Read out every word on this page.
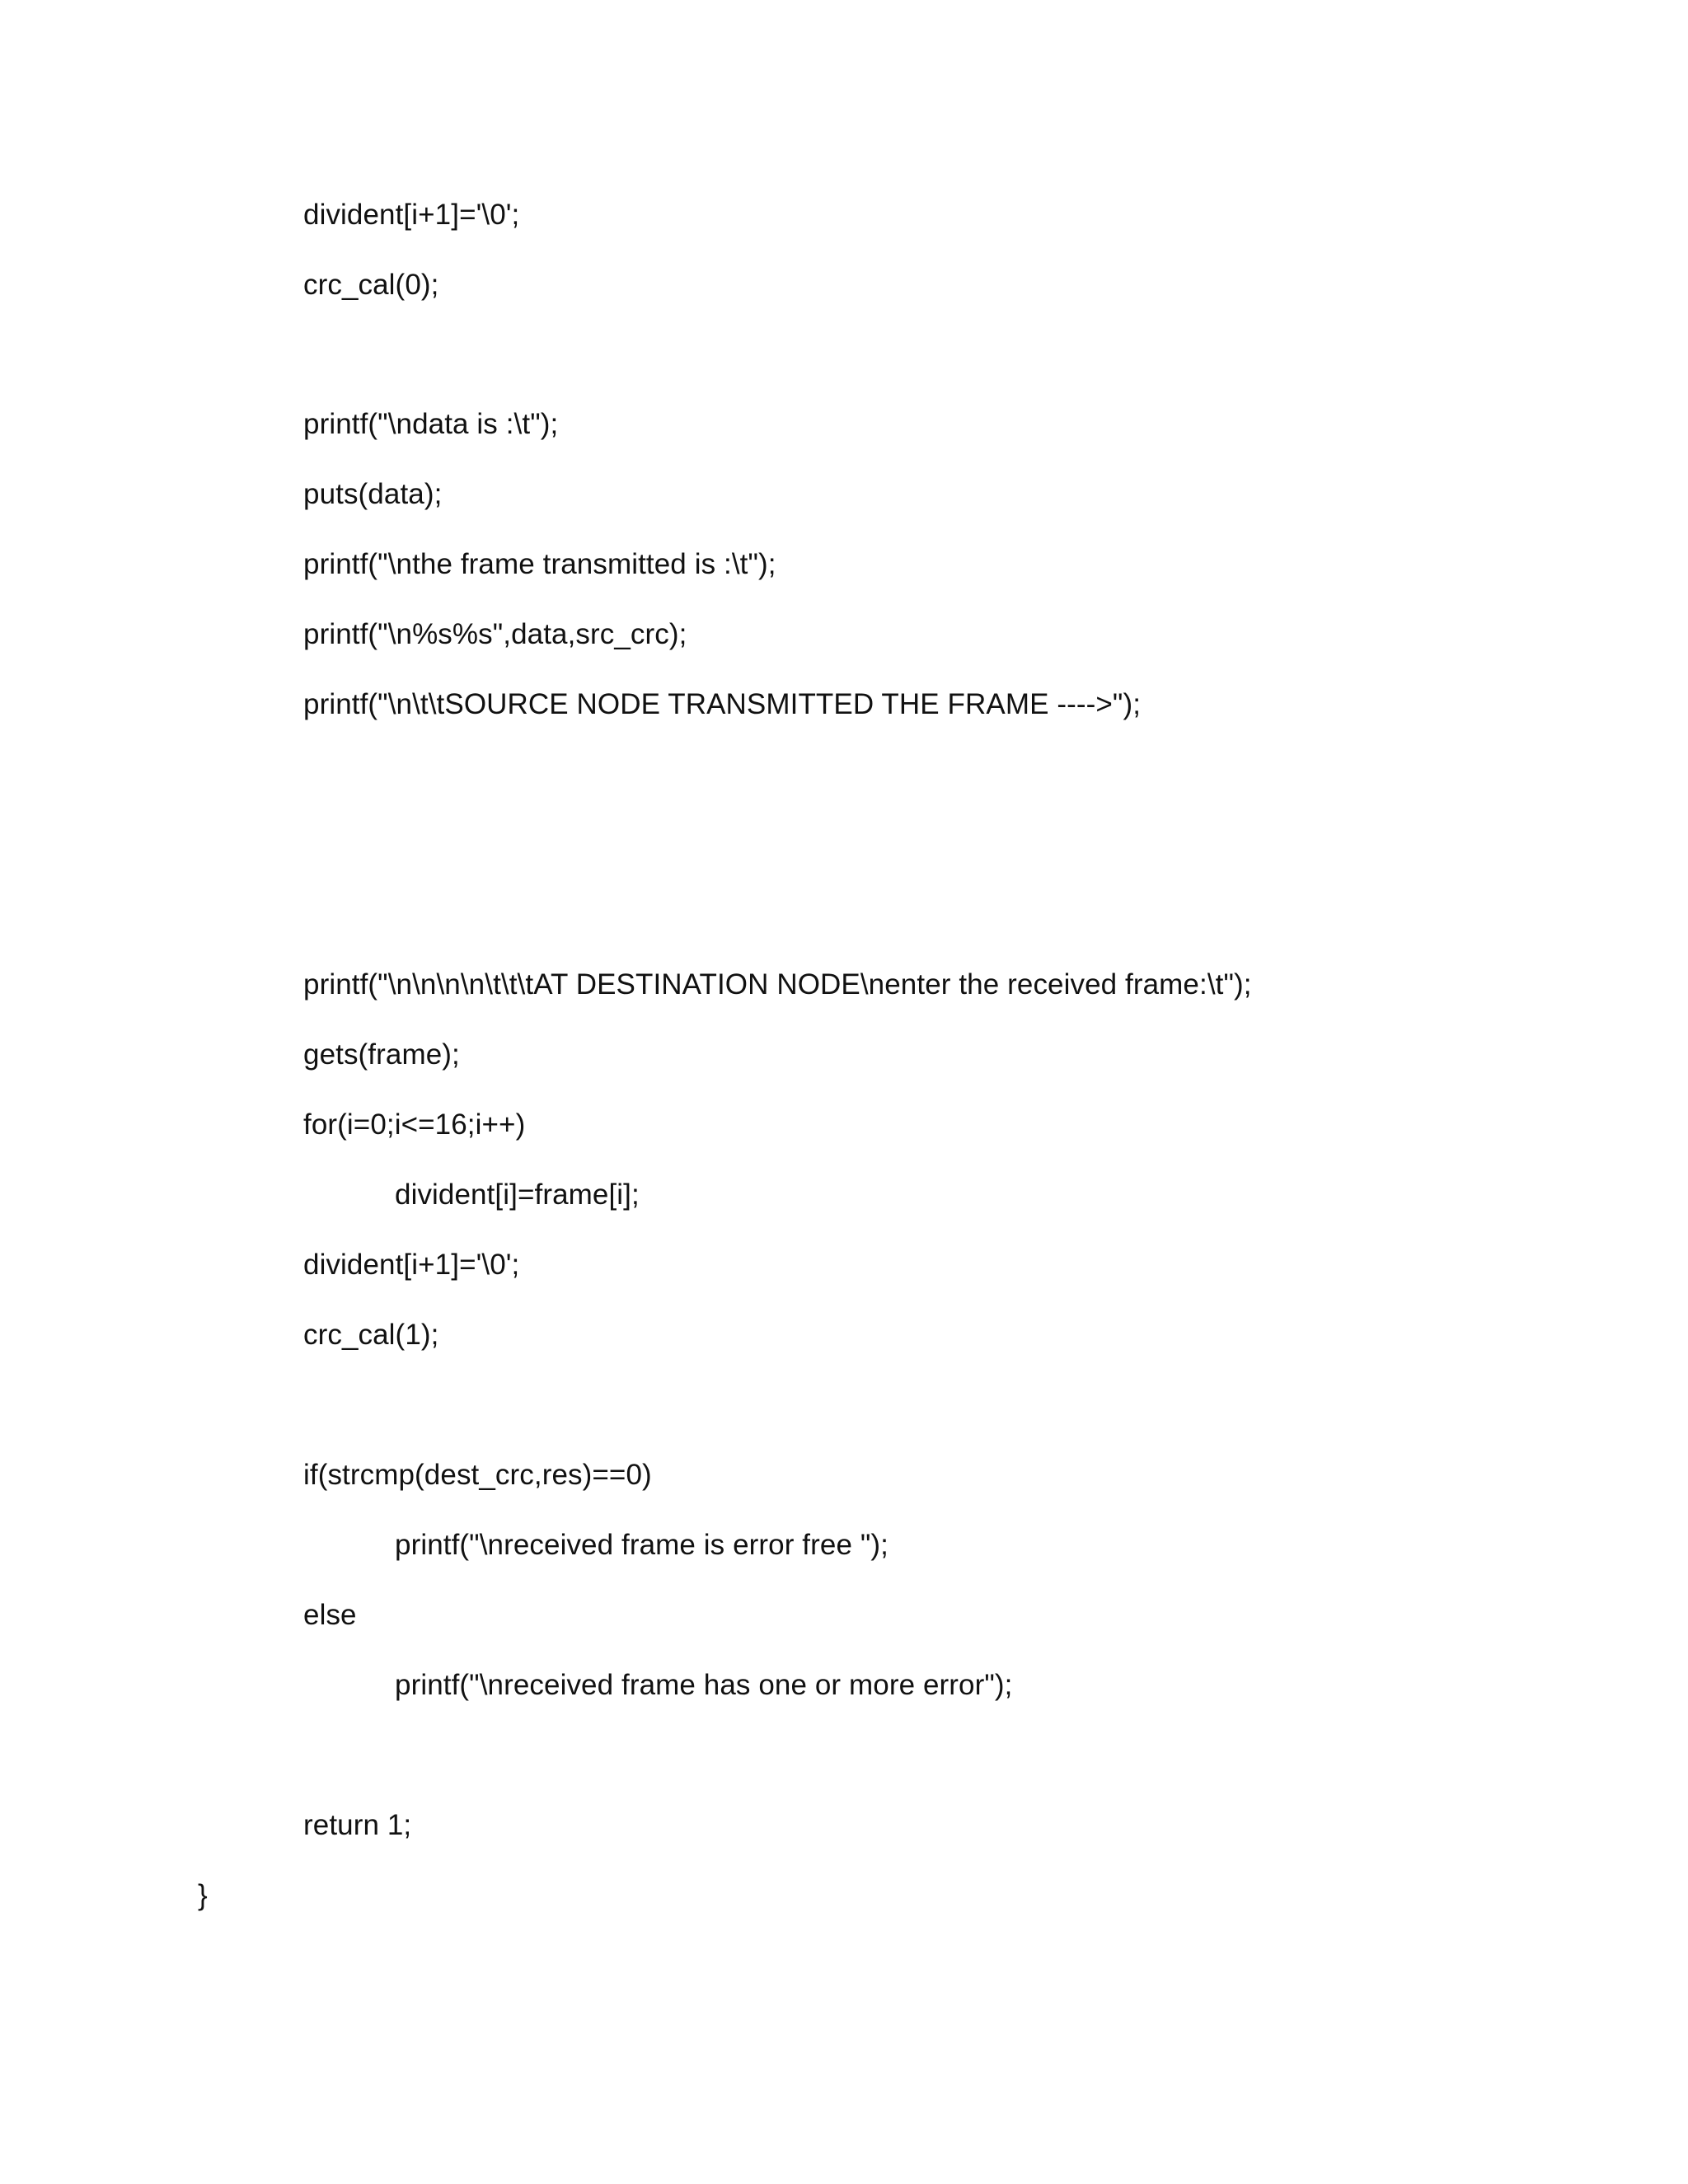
divident[i+1]='\0';
crc_cal(0);
printf("\ndata is :\t");
puts(data);
printf("\nthe frame transmitted is :\t");
printf("\n%s%s",data,src_crc);
printf("\n\t\tSOURCE NODE TRANSMITTED THE FRAME ---->");
printf("\n\n\n\n\t\t\tAT DESTINATION NODE\nenter the received frame:\t");
gets(frame);
for(i=0;i<=16;i++)
divident[i]=frame[i];
divident[i+1]='\0';
crc_cal(1);
if(strcmp(dest_crc,res)==0)
printf("\nreceived frame is error free ");
else
printf("\nreceived frame has one or more error");
return 1;
}
